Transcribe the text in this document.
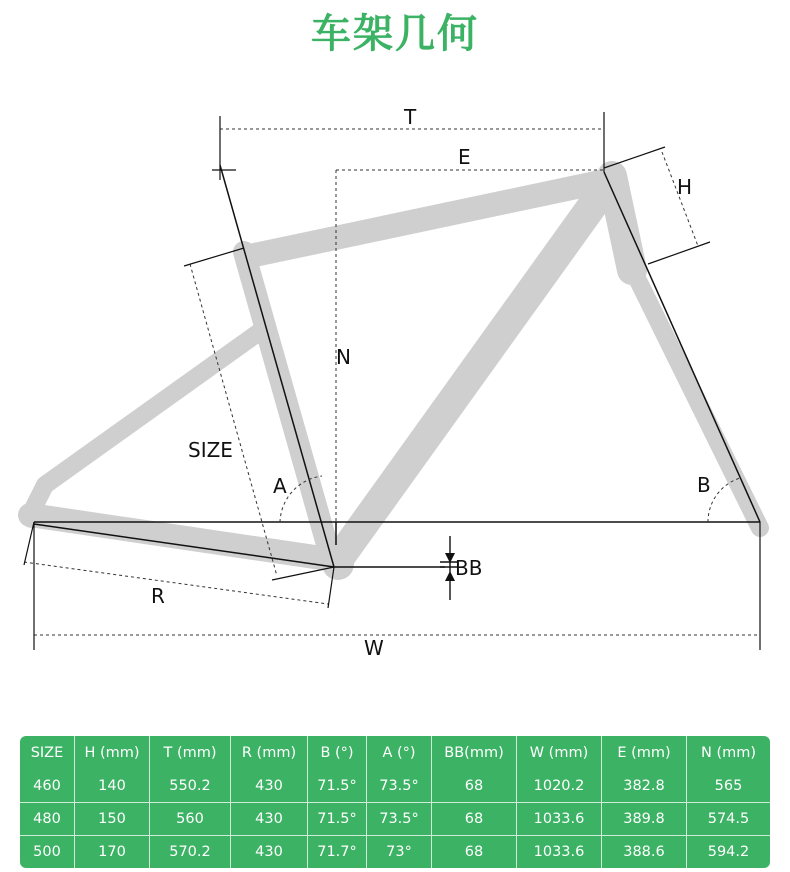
车架几何
T
E
H
N
SIZE
A	B
BB
R
W
SIZE	H (mm)	T (mm)	R (mm)	B (°)	A (°)	BB(mm)	W (mm)	E (mm)	N (mm)
460	140	550.2	430	71.5°	73.5°	68	1020.2	382.8	565
480	150	560	430	71.5°	73.5°	68	1033.6	389.8	574.5
500	170	570.2	430	71.7°	73°	68	1033.6	388.6	594.2
